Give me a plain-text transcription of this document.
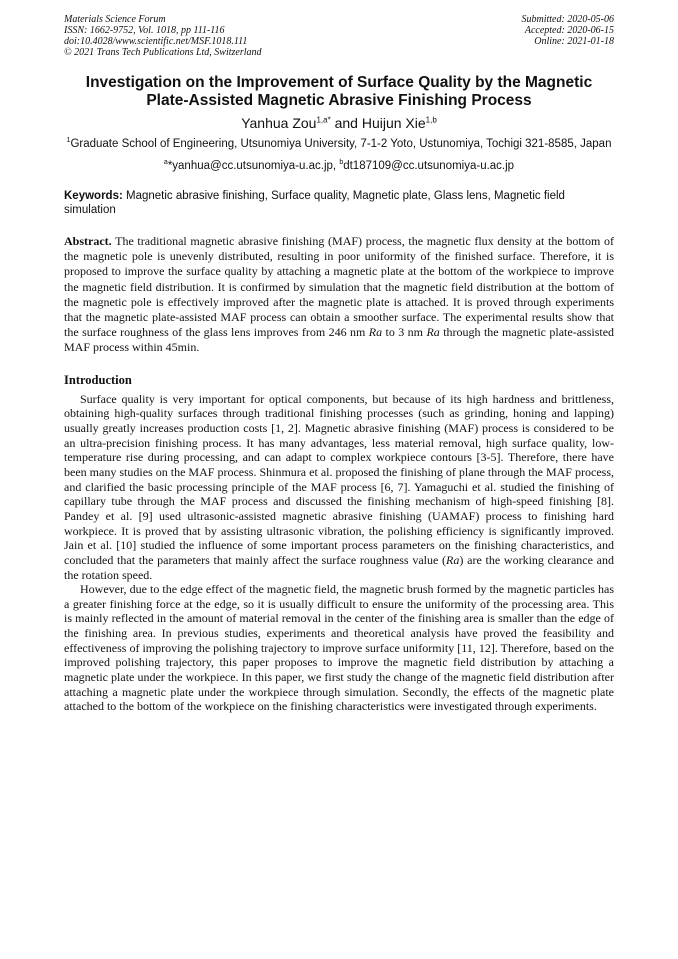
Materials Science Forum
ISSN: 1662-9752, Vol. 1018, pp 111-116
doi:10.4028/www.scientific.net/MSF.1018.111
© 2021 Trans Tech Publications Ltd, Switzerland
Submitted: 2020-05-06
Accepted: 2020-06-15
Online: 2021-01-18
Investigation on the Improvement of Surface Quality by the Magnetic Plate-Assisted Magnetic Abrasive Finishing Process
Yanhua Zou$^{1,a*}$ and Huijun Xie$^{1,b}$
$^1$Graduate School of Engineering, Utsunomiya University, 7-1-2 Yoto, Ustunomiya, Tochigi 321-8585, Japan
$^a$*yanhua@cc.utsunomiya-u.ac.jp, $^b$dt187109@cc.utsunomiya-u.ac.jp
Keywords: Magnetic abrasive finishing, Surface quality, Magnetic plate, Glass lens, Magnetic field simulation
Abstract. The traditional magnetic abrasive finishing (MAF) process, the magnetic flux density at the bottom of the magnetic pole is unevenly distributed, resulting in poor uniformity of the finished surface. Therefore, it is proposed to improve the surface quality by attaching a magnetic plate at the bottom of the workpiece to improve the magnetic field distribution. It is confirmed by simulation that the magnetic field distribution at the bottom of the magnetic pole is effectively improved after the magnetic plate is attached. It is proved through experiments that the magnetic plate-assisted MAF process can obtain a smoother surface. The experimental results show that the surface roughness of the glass lens improves from 246 nm Ra to 3 nm Ra through the magnetic plate-assisted MAF process within 45min.
Introduction

Surface quality is very important for optical components, but because of its high hardness and brittleness, obtaining high-quality surfaces through traditional finishing processes (such as grinding, honing and lapping) usually greatly increases production costs [1, 2]. Magnetic abrasive finishing (MAF) process is considered to be an ultra-precision finishing process. It has many advantages, less material removal, high surface quality, low-temperature rise during processing, and can adapt to complex workpiece contours [3-5]. Therefore, there have been many studies on the MAF process. Shinmura et al. proposed the finishing of plane through the MAF process, and clarified the basic processing principle of the MAF process [6, 7]. Yamaguchi et al. studied the finishing of capillary tube through the MAF process and discussed the finishing mechanism of high-speed finishing [8]. Pandey et al. [9] used ultrasonic-assisted magnetic abrasive finishing (UAMAF) process to finishing hard workpiece. It is proved that by assisting ultrasonic vibration, the polishing efficiency is significantly improved. Jain et al. [10] studied the influence of some important process parameters on the finishing characteristics, and concluded that the parameters that mainly affect the surface roughness value (Ra) are the working clearance and the rotation speed.

However, due to the edge effect of the magnetic field, the magnetic brush formed by the magnetic particles has a greater finishing force at the edge, so it is usually difficult to ensure the uniformity of the processing area. This is mainly reflected in the amount of material removal in the center of the finishing area is smaller than the edge of the finishing area. In previous studies, experiments and theoretical analysis have proved the feasibility and effectiveness of improving the polishing trajectory to improve surface uniformity [11, 12]. Therefore, based on the improved polishing trajectory, this paper proposes to improve the magnetic field distribution by attaching a magnetic plate under the workpiece. In this paper, we first study the change of the magnetic field distribution after attaching a magnetic plate under the workpiece through simulation. Secondly, the effects of the magnetic plate attached to the bottom of the workpiece on the finishing characteristics were investigated through experiments.
